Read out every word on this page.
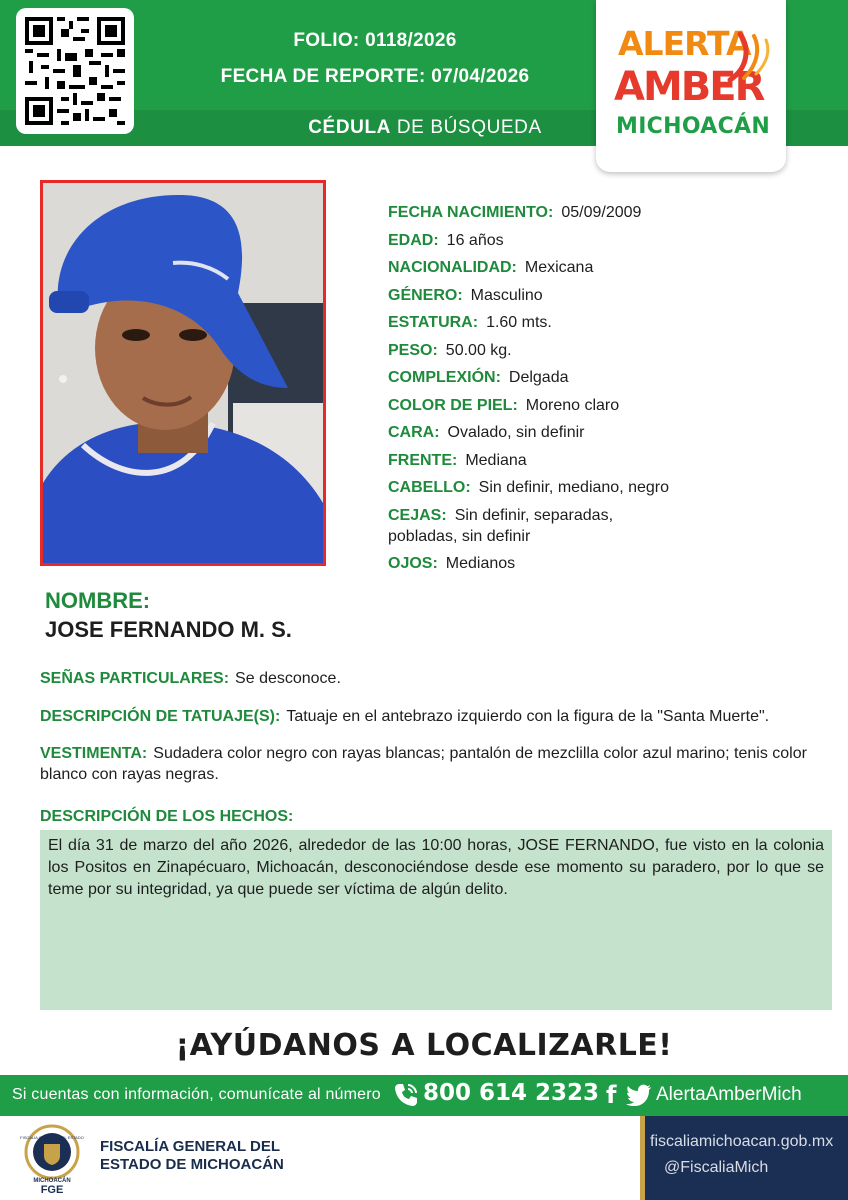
FOLIO: 0118/2026
FECHA DE REPORTE: 07/04/2026
CÉDULA DE BÚSQUEDA
ALERTA
AMBER
MICHOACÁN
FECHA NACIMIENTO: 05/09/2009
EDAD: 16 años
NACIONALIDAD: Mexicana
GÉNERO: Masculino
ESTATURA: 1.60 mts.
PESO: 50.00 kg.
COMPLEXIÓN: Delgada
COLOR DE PIEL: Moreno claro
CARA: Ovalado, sin definir
FRENTE: Mediana
CABELLO: Sin definir, mediano, negro
CEJAS: Sin definir, separadas,
pobladas, sin definir
OJOS: Medianos
NOMBRE:
JOSE FERNANDO M. S.
SEÑAS PARTICULARES: Se desconoce.
DESCRIPCIÓN DE TATUAJE(S): Tatuaje en el antebrazo izquierdo con la figura de la "Santa Muerte".
VESTIMENTA: Sudadera color negro con rayas blancas; pantalón de mezclilla color azul marino; tenis color blanco con rayas negras.
DESCRIPCIÓN DE LOS HECHOS:
El día 31 de marzo del año 2026, alrededor de las 10:00 horas, JOSE FERNANDO, fue visto en la colonia los Positos en Zinapécuaro, Michoacán, desconociéndose desde ese momento su paradero, por lo que se teme por su integridad, ya que puede ser víctima de algún delito.
¡AYÚDANOS A LOCALIZARLE!
Si cuentas con información, comunícate al número 800 614 2323 f AlertaAmberMich
FISCALÍA GENERAL DEL ESTADO
MICHOACÁN
FGE
FISCALÍA GENERAL DEL
ESTADO DE MICHOACÁN
fiscaliamichoacan.gob.mx
@FiscaliaMich
